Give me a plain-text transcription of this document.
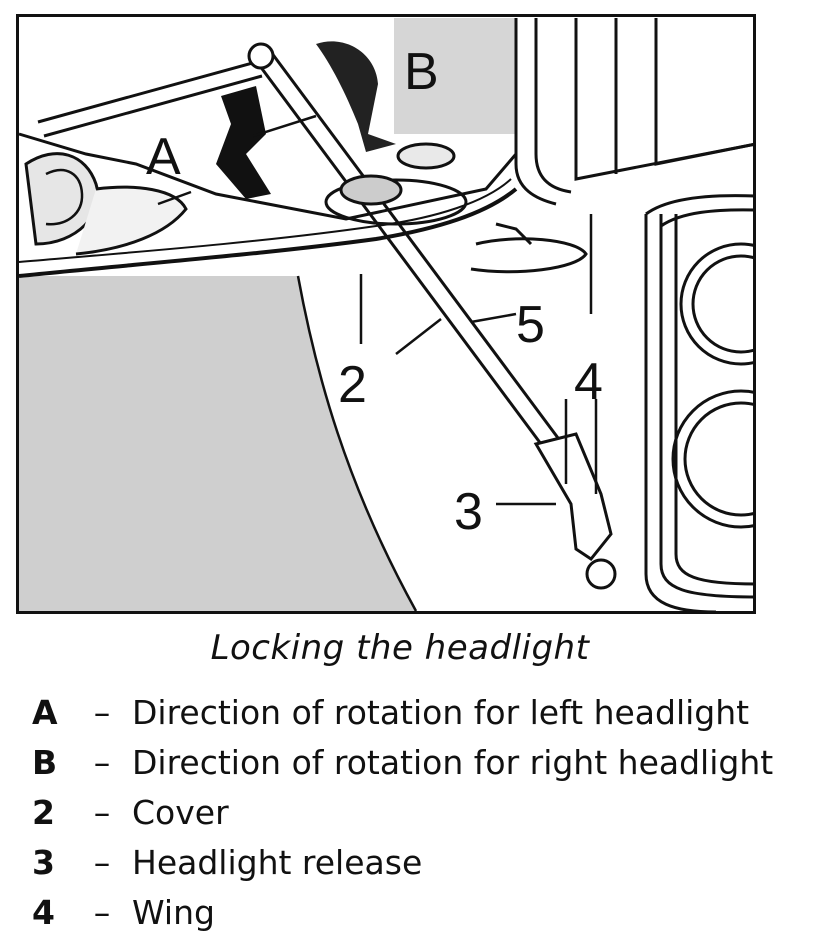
A
B
2
3
4
5
Locking the headlight
A	– Direction of rotation for left headlight
B	– Direction of rotation for right headlight
2	– Cover
3	– Headlight release
4	– Wing
